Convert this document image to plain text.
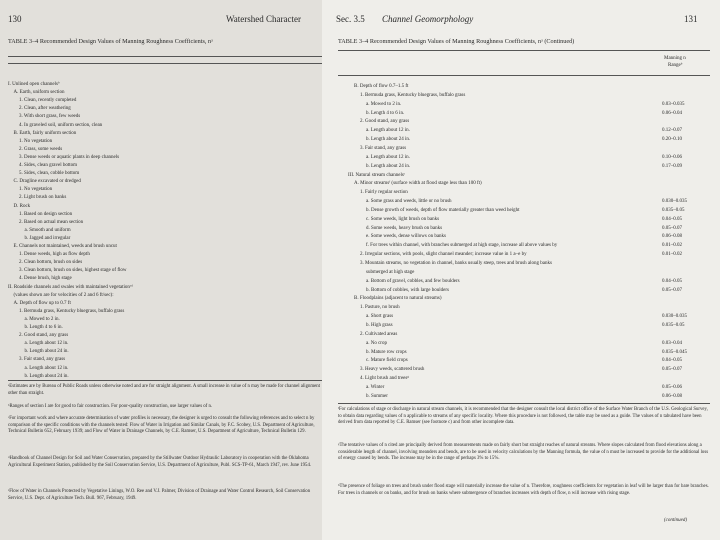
130	Watershed Character
TABLE 3–4 Recommended Design Values of Manning Roughness Coefficients, nᵃ
I. Unlined open channelsᵇ
A. Earth, uniform section
1. Clean, recently completed
2. Clean, after weathering
3. With short grass, few weeds
4. In graveled soil, uniform section, clean
B. Earth, fairly uniform section
1. No vegetation
2. Grass, some weeds
3. Dense weeds or aquatic plants in deep channels
4. Sides, clean gravel bottom
5. Sides, clean, cobble bottom
C. Dragline excavated or dredged
1. No vegetation
2. Light brush on banks
D. Rock
1. Based on design section
2. Based on actual mean section
a. Smooth and uniform
b. Jagged and irregular
E. Channels not maintained, weeds and brush uncut
1. Dense weeds, high as flow depth
2. Clean bottom, brush on sides
3. Clean bottom, brush on sides, highest stage of flow
4. Dense brush, high stage
II. Roadside channels and swales with maintained vegetationᶜᵈ
(values shown are for velocities of 2 and 6 ft/sec):
A. Depth of flow up to 0.7 ft
1. Bermuda grass, Kentucky bluegrass, buffalo grass
a. Mowed to 2 in.
b. Length 4 to 6 in.
2. Good stand, any grass
a. Length about 12 in.
b. Length about 24 in.
3. Fair stand, any grass
a. Length about 12 in.
b. Length about 24 in.
ᵃEstimates are by Bureau of Public Roads unless otherwise noted and are for straight alignment. A small increase in value of n may be made for channel alignment other than straight.
ᵇRanges of section I are for good to fair construction. For poor-quality construction, use larger values of n.
ᶜFor important work and where accurate determination of water profiles is necessary, the designer is urged to consult the following references and to select n by comparison of the specific conditions with the channels tested: Flow of Water in Irrigation and Similar Canals, by F.C. Scobey, U.S. Department of Agriculture, Technical Bulletin 652, February 1939; and Flow of Water in Drainage Channels, by C.E. Ramser, U.S. Department of Agriculture, Technical Bulletin 129.
ᵈHandbook of Channel Design for Soil and Water Conservation, prepared by the Stillwater Outdoor Hydraulic Laboratory in cooperation with the Oklahoma Agricultural Experiment Station, published by the Soil Conservation Service, U.S. Department of Agriculture, Publ. SCS-TP-61, March 1947, rev. June 1954.
ᵉFlow of Water in Channels Protected by Vegetative Linings, W.O. Ree and V.J. Palmer, Division of Drainage and Water Control Research, Soil Conservation Service, U.S. Dept. of Agriculture Tech. Bull. 967, February, 1949.
Sec. 3.5 Channel Geomorphology	131
TABLE 3–4 Recommended Design Values of Manning Roughness Coefficients, nᵃ (Continued)
Manning n
Rangeᵇ
B. Depth of flow 0.7–1.5 ft
1. Bermuda grass, Kentucky bluegrass, buffalo grass
a. Mowed to 2 in.	0.03–0.035
b. Length 4 to 6 in.	0.06–0.04
2. Good stand, any grass
a. Length about 12 in.	0.12–0.07
b. Length about 24 in.	0.20–0.10
3. Fair stand, any grass
a. Length about 12 in.	0.10–0.06
b. Length about 24 in.	0.17–0.09
III. Natural stream channelsᶜ
A. Minor streamsᶠ (surface width at flood stage less than 100 ft)
1. Fairly regular section
a. Some grass and weeds, little or no brush	0.030–0.035
b. Dense growth of weeds, depth of flow materially greater than weed height	0.035–0.05
c. Some weeds, light brush on banks	0.04–0.05
d. Some weeds, heavy brush on banks	0.05–0.07
e. Some weeds, dense willows on banks	0.06–0.08
f. For trees within channel, with branches submerged at high stage, increase all above values by	0.01–0.02
2. Irregular sections, with pools, slight channel meander; increase value in 1 a–e by	0.01–0.02
3. Mountain streams, no vegetation in channel, banks usually steep, trees and brush along banks
submerged at high stage
a. Bottom of gravel, cobbles, and few boulders	0.04–0.05
b. Bottom of cobbles, with large boulders	0.05–0.07
B. Floodplains (adjacent to natural streams)
1. Pasture, no brush
a. Short grass	0.030–0.035
b. High grass	0.035–0.05
2. Cultivated areas
a. No crop	0.03–0.04
b. Mature row crops	0.035–0.045
c. Mature field crops	0.04–0.05
3. Heavy weeds, scattered brush	0.05–0.07
4. Light brush and treesᵍ
a. Winter	0.05–0.06
b. Summer	0.06–0.08
ᶠFor calculations of stage or discharge in natural stream channels, it is recommended that the designer consult the local district office of the Surface Water Branch of the U.S. Geological Survey, to obtain data regarding values of n applicable to streams of any specific locality. Where this procedure is not followed, the table may be used as a guide. The values of n tabulated have been derived from data reported by C.E. Ramser (see footnote c) and from other incomplete data.
ᵍThe tentative values of n cited are principally derived from measurements made on fairly short but straight reaches of natural streams. Where slopes calculated from flood elevations along a considerable length of channel, involving meanders and bends, are to be used in velocity calculations by the Manning formula, the value of n must be increased to provide for the additional loss of energy caused by bends. The increase may be in the range of perhaps 3% to 15%.
ʰThe presence of foliage on trees and brush under flood stage will materially increase the value of n. Therefore, roughness coefficients for vegetation in leaf will be larger than for bare branches. For trees in channels or on banks, and for brush on banks where submergence of branches increases with depth of flow, n will increase with rising stage.
(continued)
